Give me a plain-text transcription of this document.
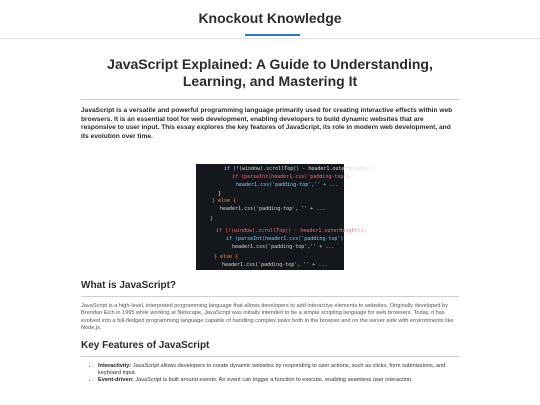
Knockout Knowledge
JavaScript Explained: A Guide to Understanding, Learning, and Mastering It

JavaScript is a versatile and powerful programming language primarily used for creating interactive effects within web browsers. It is an essential tool for web development, enabling developers to build dynamic websites that are responsive to user input. This essay explores the key features of JavaScript, its role in modern web development, and its evolution over time.

if (!(window).scrollTop() - header1.outerHeight();
if (parseInt(header1.css('padding-top')
header1.css('padding-top','' + ...
}
} else {
header1.css('padding-top', '' + ...
}
if (!(window).scrollTop() - header1.outerHeight();
if (parseInt(header1.css('padding-top')
header1.css('padding-top','' + ...
} else {
header1.css('padding-top', '' + ...
What is JavaScript?

JavaScript is a high-level, interpreted programming language that allows developers to add interactive elements to websites. Originally developed by Brendan Eich in 1995 while working at Netscape, JavaScript was initially intended to be a simple scripting language for web browsers. Today, it has evolved into a full-fledged programming language capable of handling complex tasks both in the browser and on the server-side with environments like Node.js.

Key Features of JavaScript
• Interactivity: JavaScript allows developers to create dynamic websites by responding to user actions, such as clicks, form submissions, and keyboard input.
• Event-driven: JavaScript is built around events. An event can trigger a function to execute, enabling seamless user interaction.
